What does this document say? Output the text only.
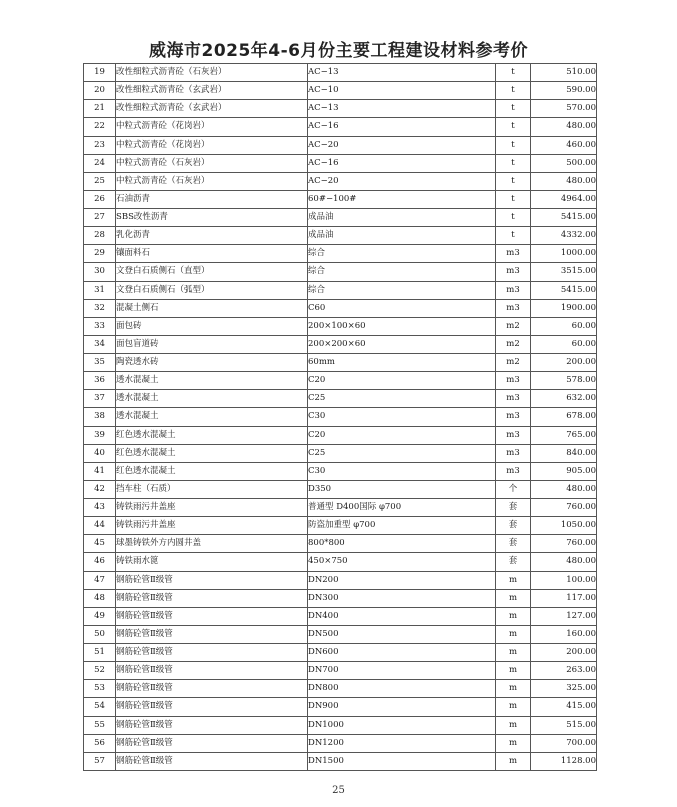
威海市2025年4-6月份主要工程建设材料参考价
19	改性细粒式沥青砼（石灰岩）	AC−13	t	510.00
20	改性细粒式沥青砼（玄武岩）	AC−10	t	590.00
21	改性细粒式沥青砼（玄武岩）	AC−13	t	570.00
22	中粒式沥青砼（花岗岩）	AC−16	t	480.00
23	中粒式沥青砼（花岗岩）	AC−20	t	460.00
24	中粒式沥青砼（石灰岩）	AC−16	t	500.00
25	中粒式沥青砼（石灰岩）	AC−20	t	480.00
26	石油沥青	60#−100#	t	4964.00
27	SBS改性沥青	成品油	t	5415.00
28	乳化沥青	成品油	t	4332.00
29	镶面料石	综合	m3	1000.00
30	文登白石质侧石（直型）	综合	m3	3515.00
31	文登白石质侧石（弧型）	综合	m3	5415.00
32	混凝土侧石	C60	m3	1900.00
33	面包砖	200×100×60	m2	60.00
34	面包盲道砖	200×200×60	m2	60.00
35	陶瓷透水砖	60mm	m2	200.00
36	透水混凝土	C20	m3	578.00
37	透水混凝土	C25	m3	632.00
38	透水混凝土	C30	m3	678.00
39	红色透水混凝土	C20	m3	765.00
40	红色透水混凝土	C25	m3	840.00
41	红色透水混凝土	C30	m3	905.00
42	挡车柱（石质）	D350	个	480.00
43	铸铁雨污井盖座	普通型 D400国际 φ700	套	760.00
44	铸铁雨污井盖座	防盗加重型 φ700	套	1050.00
45	球墨铸铁外方内圆井盖	800*800	套	760.00
46	铸铁雨水篦	450×750	套	480.00
47	钢筋砼管Ⅱ级管	DN200	m	100.00
48	钢筋砼管Ⅱ级管	DN300	m	117.00
49	钢筋砼管Ⅱ级管	DN400	m	127.00
50	钢筋砼管Ⅱ级管	DN500	m	160.00
51	钢筋砼管Ⅱ级管	DN600	m	200.00
52	钢筋砼管Ⅱ级管	DN700	m	263.00
53	钢筋砼管Ⅱ级管	DN800	m	325.00
54	钢筋砼管Ⅱ级管	DN900	m	415.00
55	钢筋砼管Ⅱ级管	DN1000	m	515.00
56	钢筋砼管Ⅱ级管	DN1200	m	700.00
57	钢筋砼管Ⅱ级管	DN1500	m	1128.00
25
